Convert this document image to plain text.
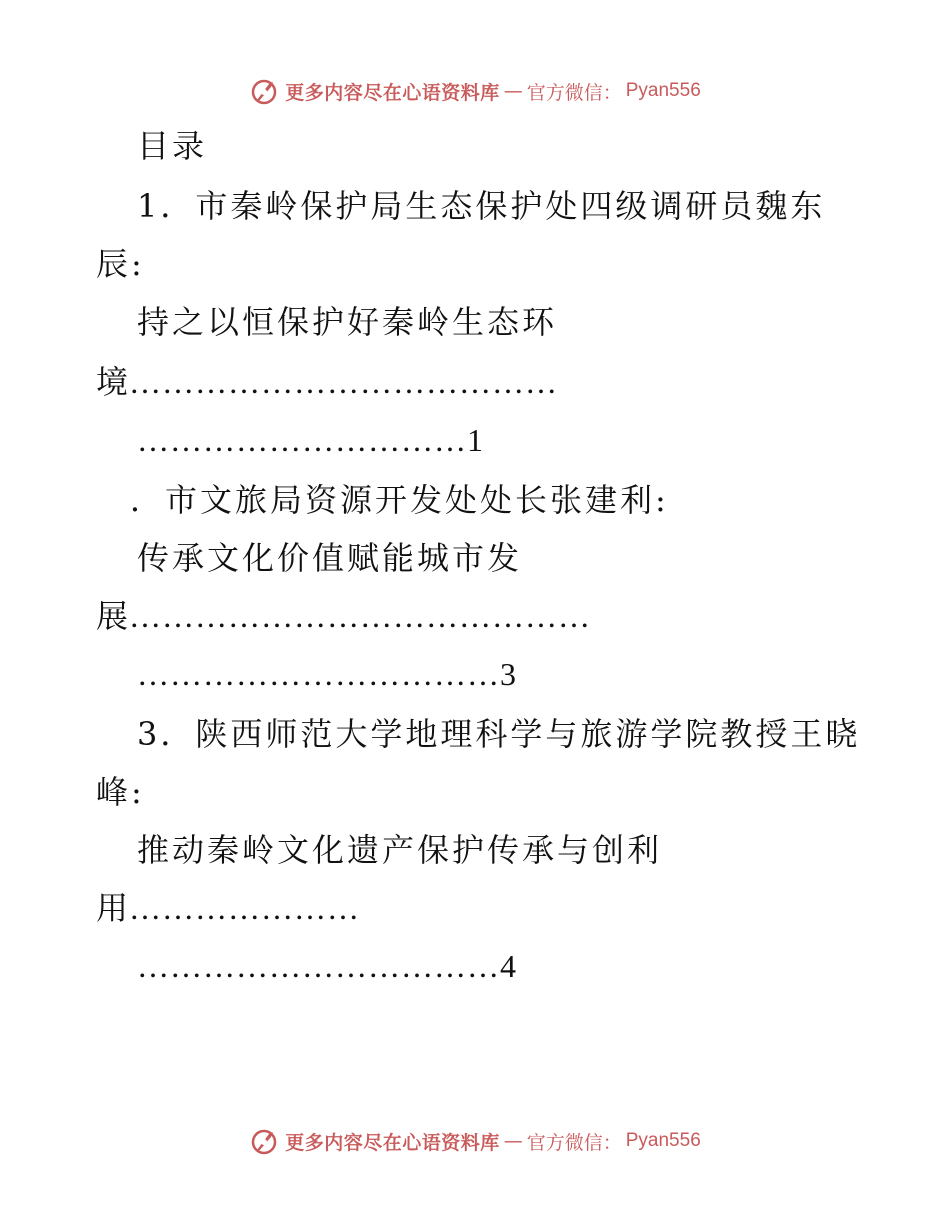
更多内容尽在心语资料库 — 官方微信： Pyan556
目录
1．市秦岭保护局生态保护处四级调研员魏东
辰:
持之以恒保护好秦岭生态环
境…………………………………
…………………………1
．市文旅局资源开发处处长张建利:
传承文化价值赋能城市发
展……………………………………
……………………………3
3．陕西师范大学地理科学与旅游学院教授王晓
峰:
推动秦岭文化遗产保护传承与创利
用…………………
……………………………4
更多内容尽在心语资料库 — 官方微信： Pyan556
